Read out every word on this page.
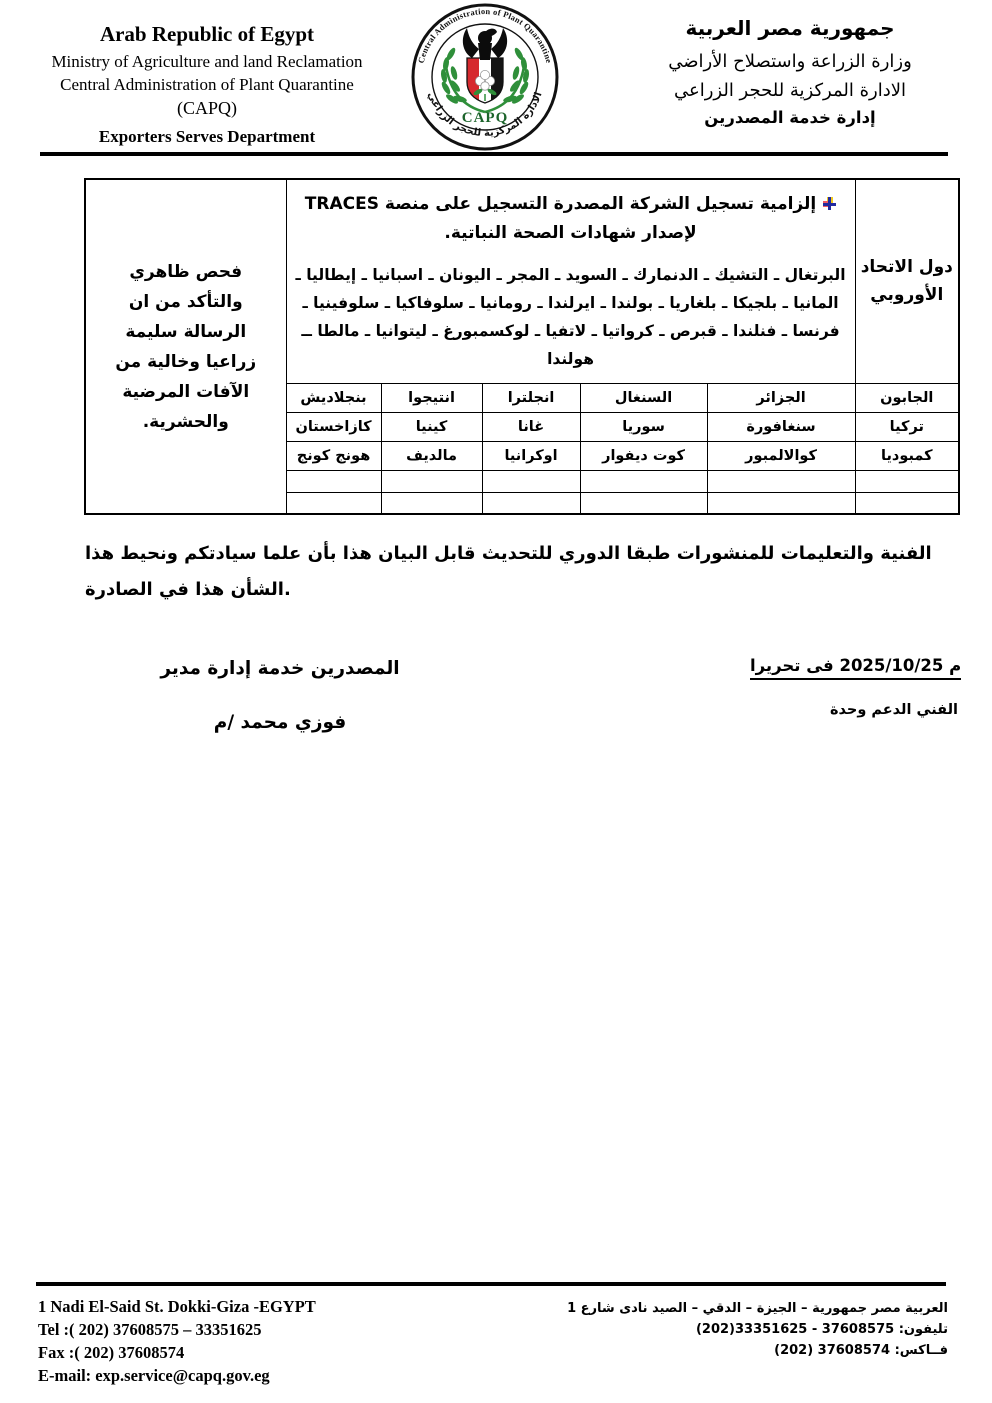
Arab Republic of Egypt
Ministry of Agriculture and land Reclamation
Central Administration of Plant Quarantine
(CAPQ)
Exporters Serves Department
CAPQ
Central Administration of Plant Quarantine
الادارة المركزية للحجر الزراعي
جمهورية مصر العربية
وزارة الزراعة واستصلاح الأراضي
الادارة المركزية للحجر الزراعي
إدارة خدمة المصدرين
دول الاتحاد
الأوروبي

إلزامية تسجيل الشركة المصدرة التسجيل على منصة TRACES
لإصدار شهادات الصحة النباتية.
البرتغال ـ التشيك ـ الدنمارك ـ السويد ـ المجر ـ اليونان ـ اسبانيا ـ إيطاليا ـ
المانيا ـ بلجيكا ـ بلغاريا ـ بولندا ـ ايرلندا ـ رومانيا ـ سلوفاكيا ـ سلوفينيا ـ
فرنسا ـ فنلندا ـ قبرص ـ كرواتيا ـ لاتفيا ـ لوكسمبورغ ـ ليتوانيا ـ مالطا ــ
هولندا

فحص ظاهري
والتأكد من ان
الرسالة سليمة
زراعيا وخالية من
الآفات المرضية
والحشرية.

الجابون	الجزائر	السنغال	انجلترا	انتيجوا	بنجلاديش	
تركيا	سنغافورة	سوريا	غانا	كينيا	كازاخستان	
كمبوديا	كوالالمبور	كوت ديفوار	اوكرانيا	مالديف	هونج كونج	

هذا‎ ونحيط‎ سيادتكم‎ علما‎ بأن‎ هذا‎ البيان‎ قابل‎ للتحديث‎ الدوري‎ طبقا‎ للمنشورات‎ والتعليمات‎ الفنية
الصادرة‎ في‎ هذا‎ الشأن.
تحريرا‎ فى‎ 2025/10/25 م
وحدة‎ الدعم‎ الفني
مدير‎ إدارة‎ خدمة‎ المصدرين
م/‎ محمد‎ فوزي
1 Nadi El-Said St. Dokki-Giza -EGYPT
Tel :( 202) 37608575 – 33351625
Fax :( 202) 37608574
E-mail: exp.service@capq.gov.eg
1 شارع‎ نادى‎ الصيد‎ – الدقي‎ – الجيزة‎ – جمهورية‎ مصر‎ العربية
تليفون: (202)33351625 - 37608575
فــاكس: (202) 37608574
